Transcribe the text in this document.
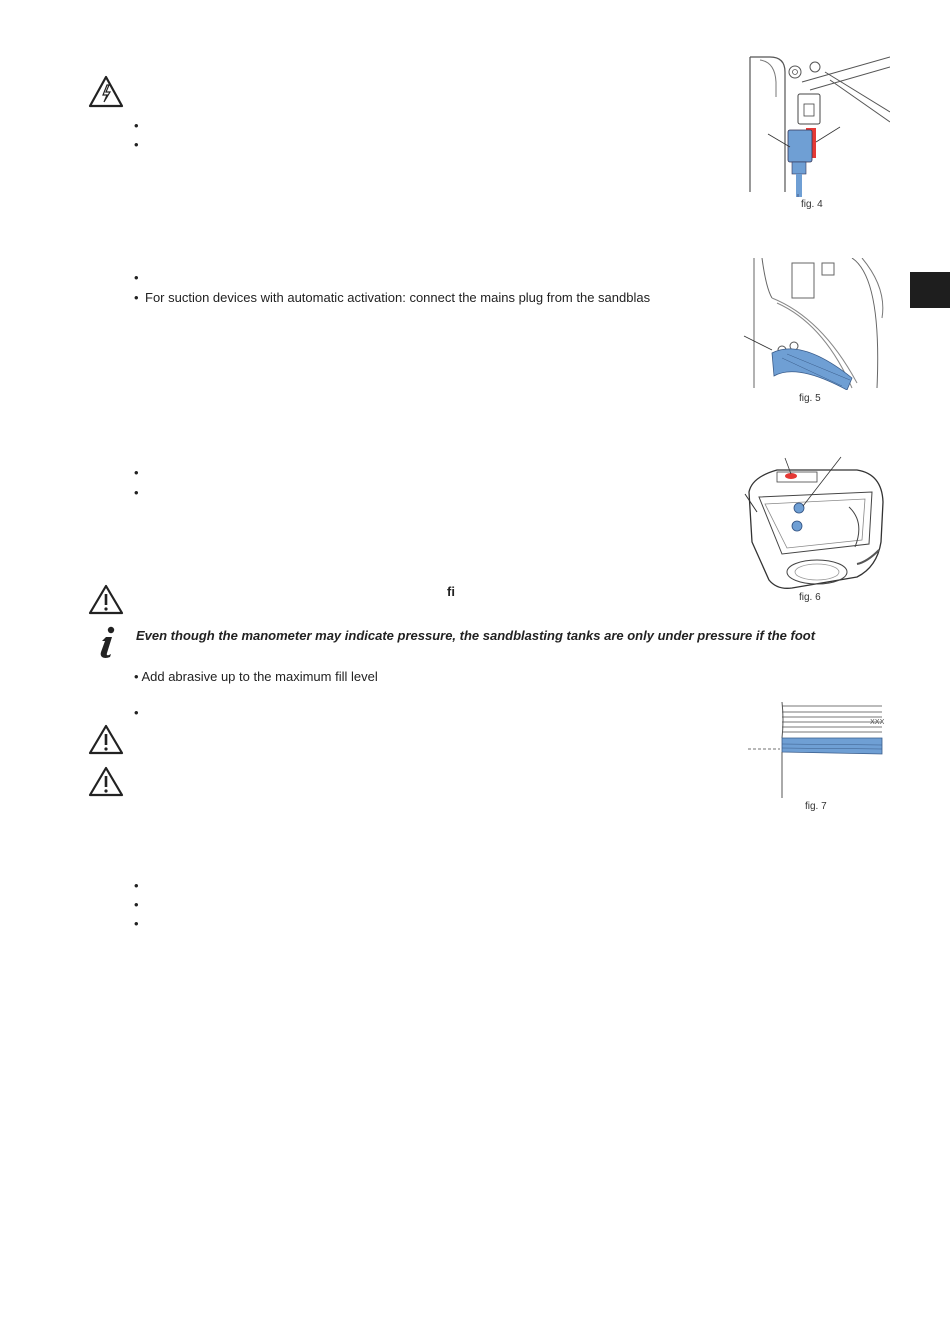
•
•
fig. 4
•
• For suction devices with automatic activation: connect the mains plug from the sandblas
fig. 5
•
•
fig. 6
fi
Even though the manometer may indicate pressure, the sandblasting tanks are only under pressure if the foot
• Add abrasive up to the maximum fill level
•
XXX
fig. 7
•
•
•
